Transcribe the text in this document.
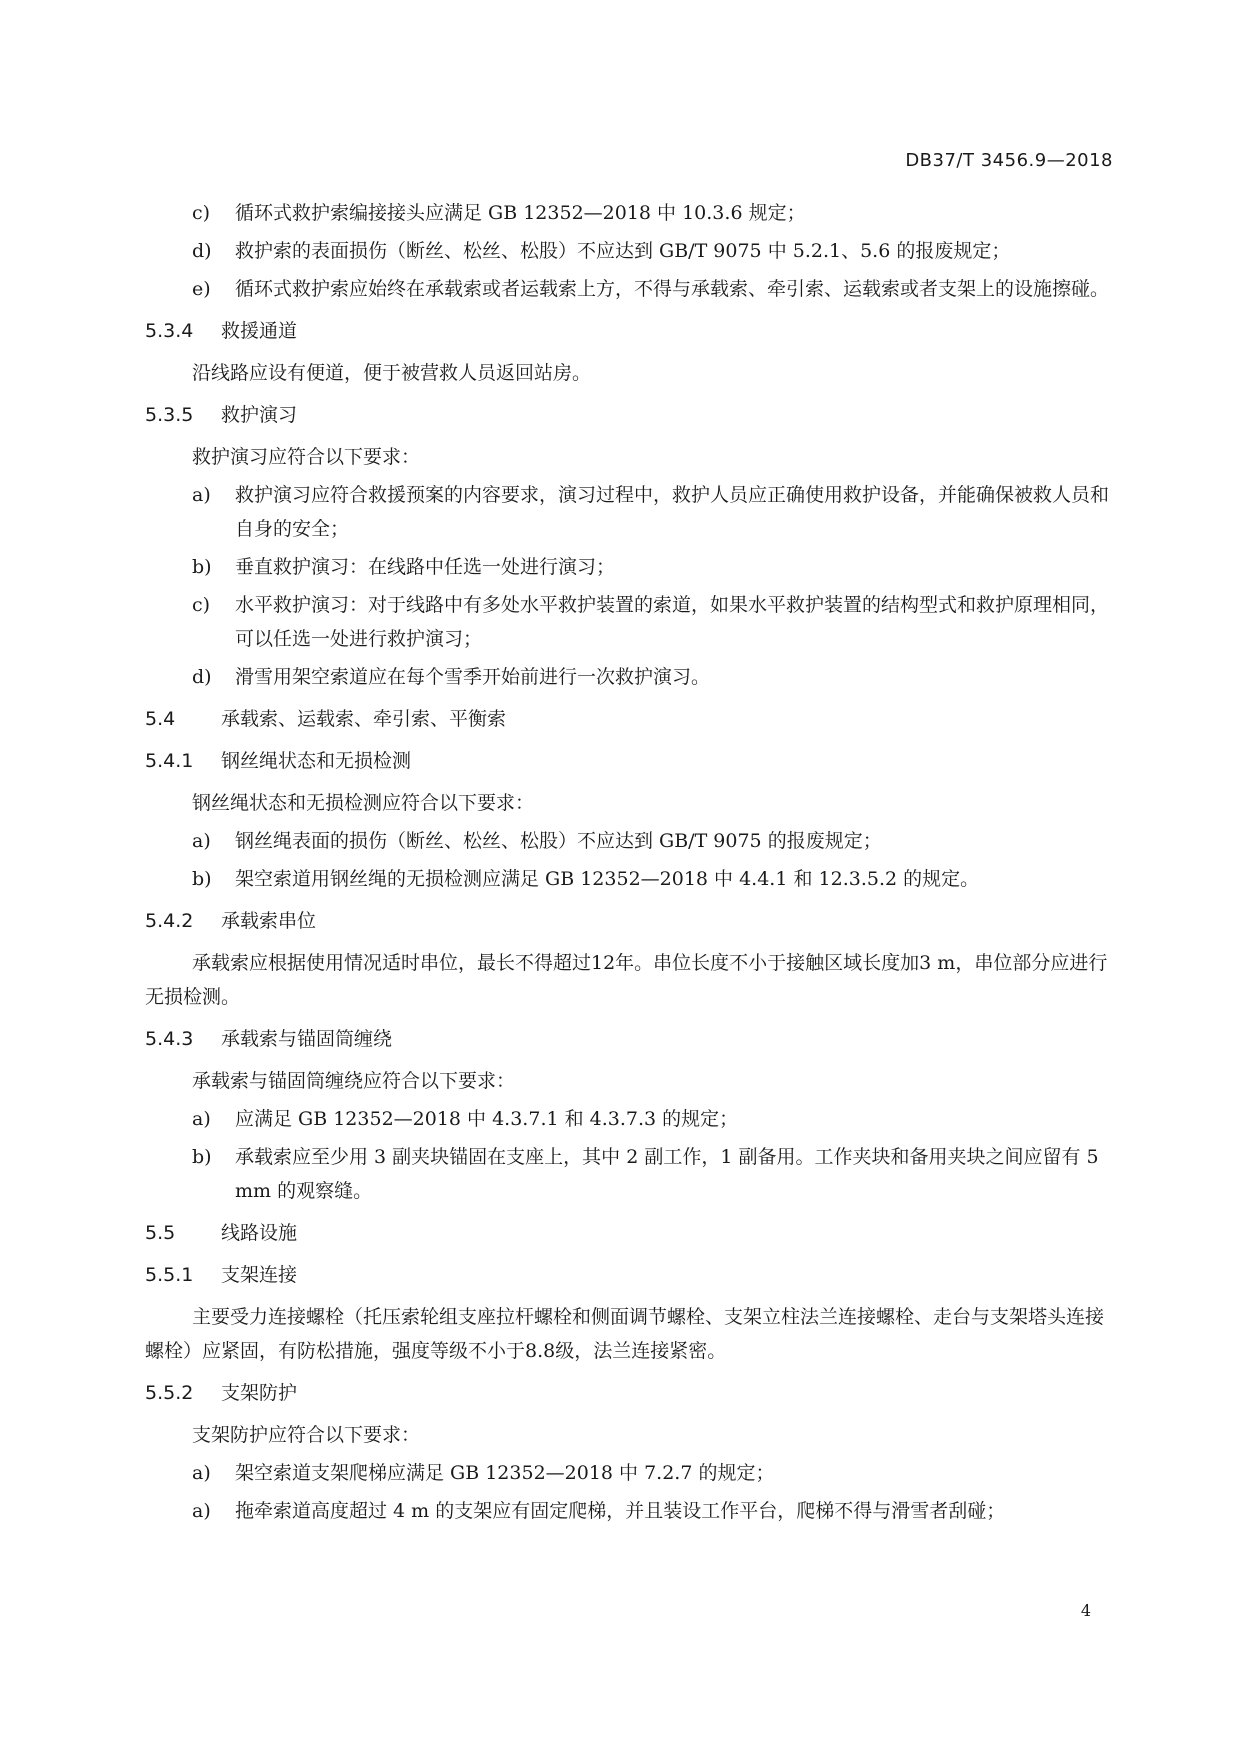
DB37/T 3456.9—2018
c) 循环式救护索编接接头应满足 GB 12352—2018 中 10.3.6 规定；
d) 救护索的表面损伤（断丝、松丝、松股）不应达到 GB/T 9075 中 5.2.1、5.6 的报废规定；
e) 循环式救护索应始终在承载索或者运载索上方，不得与承载索、牵引索、运载索或者支架上的设施擦碰。
5.3.4 救援通道
沿线路应设有便道，便于被营救人员返回站房。
5.3.5 救护演习
救护演习应符合以下要求：
a) 救护演习应符合救援预案的内容要求，演习过程中，救护人员应正确使用救护设备，并能确保被救人员和自身的安全；
b) 垂直救护演习：在线路中任选一处进行演习；
c) 水平救护演习：对于线路中有多处水平救护装置的索道，如果水平救护装置的结构型式和救护原理相同，可以任选一处进行救护演习；
d) 滑雪用架空索道应在每个雪季开始前进行一次救护演习。
5.4 承载索、运载索、牵引索、平衡索
5.4.1 钢丝绳状态和无损检测
钢丝绳状态和无损检测应符合以下要求：
a) 钢丝绳表面的损伤（断丝、松丝、松股）不应达到 GB/T 9075 的报废规定；
b) 架空索道用钢丝绳的无损检测应满足 GB 12352—2018 中 4.4.1 和 12.3.5.2 的规定。
5.4.2 承载索串位
承载索应根据使用情况适时串位，最长不得超过12年。串位长度不小于接触区域长度加3 m，串位部分应进行无损检测。
5.4.3 承载索与锚固筒缠绕
承载索与锚固筒缠绕应符合以下要求：
a) 应满足 GB 12352—2018 中 4.3.7.1 和 4.3.7.3 的规定；
b) 承载索应至少用 3 副夹块锚固在支座上，其中 2 副工作，1 副备用。工作夹块和备用夹块之间应留有 5 mm 的观察缝。
5.5 线路设施
5.5.1 支架连接
主要受力连接螺栓（托压索轮组支座拉杆螺栓和侧面调节螺栓、支架立柱法兰连接螺栓、走台与支架塔头连接螺栓）应紧固，有防松措施，强度等级不小于8.8级，法兰连接紧密。
5.5.2 支架防护
支架防护应符合以下要求：
a) 架空索道支架爬梯应满足 GB 12352—2018 中 7.2.7 的规定；
a) 拖牵索道高度超过 4 m 的支架应有固定爬梯，并且装设工作平台，爬梯不得与滑雪者刮碰；
4
